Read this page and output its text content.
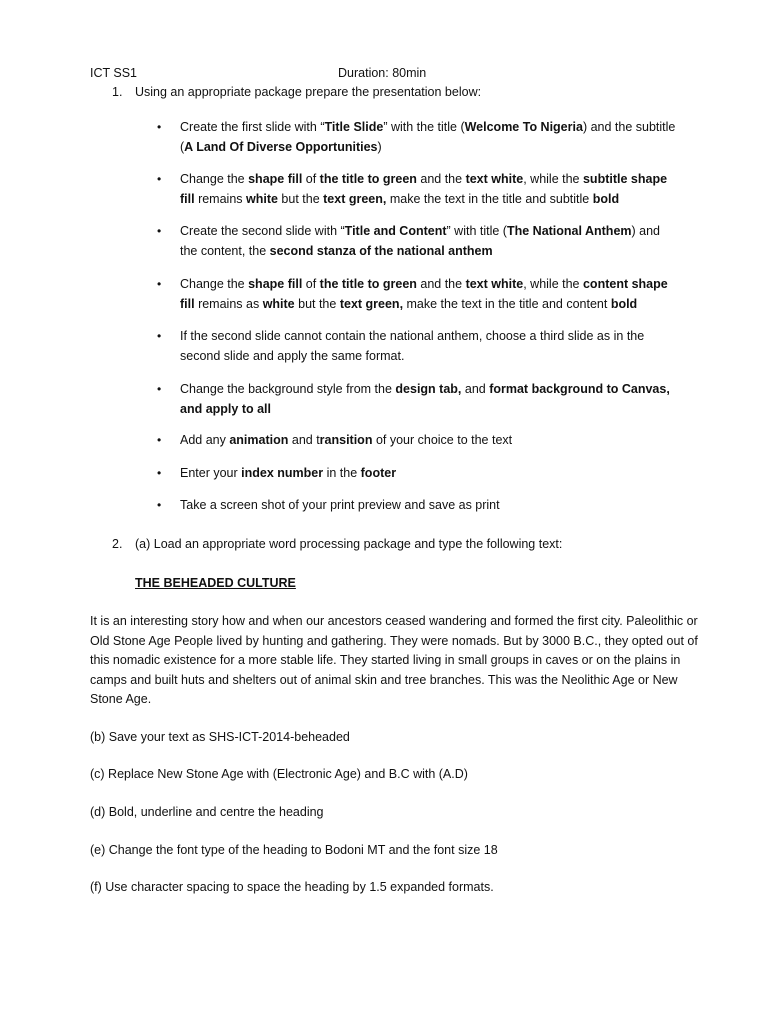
ICT SS1	Duration: 80min
1. Using an appropriate package prepare the presentation below:
• Create the first slide with “Title Slide” with the title (Welcome To Nigeria) and the subtitle (A Land Of Diverse Opportunities)
• Change the shape fill of the title to green and the text white, while the subtitle shape fill remains white but the text green, make the text in the title and subtitle bold
• Create the second slide with “Title and Content” with title (The National Anthem) and the content, the second stanza of the national anthem
• Change the shape fill of the title to green and the text white, while the content shape fill remains as white but the text green, make the text in the title and content bold
• If the second slide cannot contain the national anthem, choose a third slide as in the second slide and apply the same format.
• Change the background style from the design tab, and format background to Canvas, and apply to all
• Add any animation and transition of your choice to the text
• Enter your index number in the footer
• Take a screen shot of your print preview and save as print
2. (a) Load an appropriate word processing package and type the following text:
THE BEHEADED CULTURE
It is an interesting story how and when our ancestors ceased wandering and formed the first city. Paleolithic or Old Stone Age People lived by hunting and gathering. They were nomads. But by 3000 B.C., they opted out of this nomadic existence for a more stable life. They started living in small groups in caves or on the plains in camps and built huts and shelters out of animal skin and tree branches. This was the Neolithic Age or New Stone Age.
(b) Save your text as SHS-ICT-2014-beheaded
(c) Replace New Stone Age with (Electronic Age) and B.C with (A.D)
(d) Bold, underline and centre the heading
(e) Change the font type of the heading to Bodoni MT and the font size 18
(f) Use character spacing to space the heading by 1.5 expanded formats.
